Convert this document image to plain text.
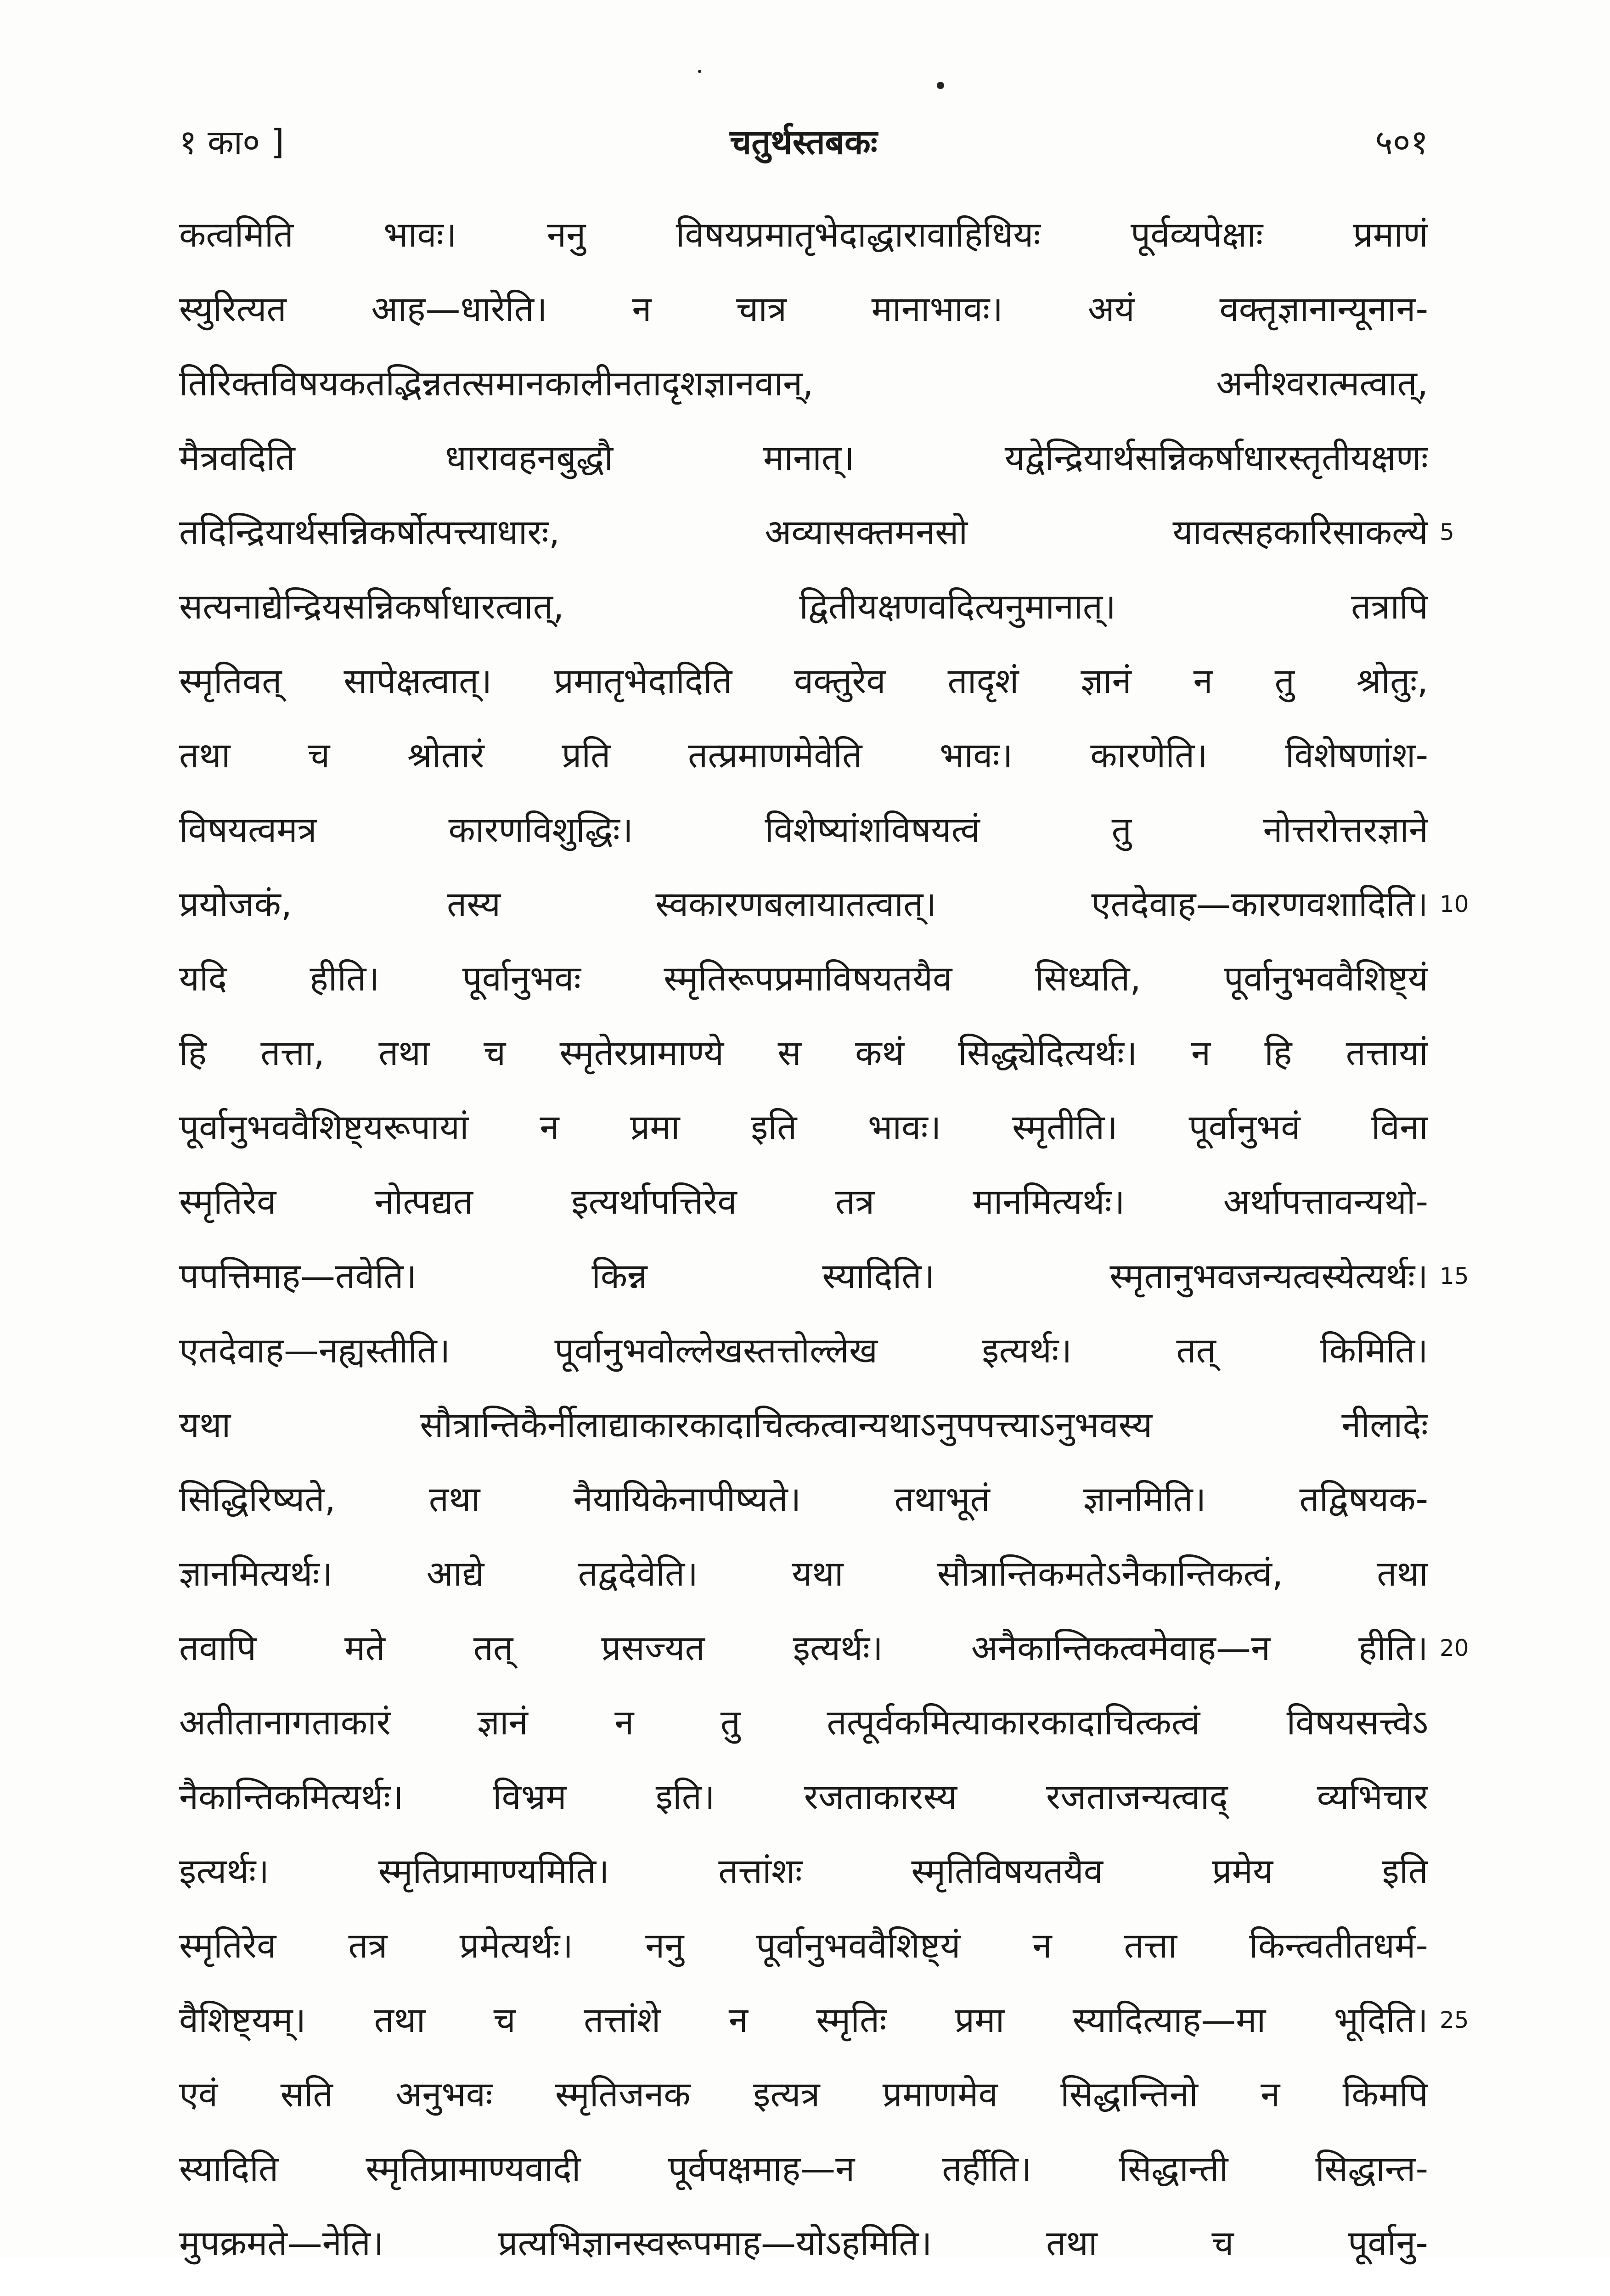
१ का० ]	चतुर्थस्तबकः	५०१
कत्वमिति भावः। ननु विषयप्रमातृभेदाद्धारावाहिधियः पूर्वव्यपेक्षाः प्रमाणं
स्युरित्यत आह—धारेति। न चात्र मानाभावः। अयं वक्तृज्ञानान्यूनान-
तिरिक्तविषयकतद्भिन्नतत्समानकालीनतादृशज्ञानवान्, अनीश्वरात्मत्वात्,
मैत्रवदिति धारावहनबुद्धौ मानात्। यद्वेन्द्रियार्थसन्निकर्षाधारस्तृतीयक्षणः
तदिन्द्रियार्थसन्निकर्षोत्पत्त्याधारः, अव्यासक्तमनसो यावत्सहकारिसाकल्ये
सत्यनाद्येन्द्रियसन्निकर्षाधारत्वात्, द्वितीयक्षणवदित्यनुमानात्। तत्रापि
स्मृतिवत् सापेक्षत्वात्। प्रमातृभेदादिति वक्तुरेव तादृशं ज्ञानं न तु श्रोतुः,
तथा च श्रोतारं प्रति तत्प्रमाणमेवेति भावः। कारणेति। विशेषणांश-
विषयत्वमत्र कारणविशुद्धिः। विशेष्यांशविषयत्वं तु नोत्तरोत्तरज्ञाने
प्रयोजकं, तस्य स्वकारणबलायातत्वात्। एतदेवाह—कारणवशादिति।
यदि हीति। पूर्वानुभवः स्मृतिरूपप्रमाविषयतयैव सिध्यति, पूर्वानुभववैशिष्ट्यं
हि तत्ता, तथा च स्मृतेरप्रामाण्ये स कथं सिद्ध्येदित्यर्थः। न हि तत्तायां
पूर्वानुभववैशिष्ट्यरूपायां न प्रमा इति भावः। स्मृतीति। पूर्वानुभवं विना
स्मृतिरेव नोत्पद्यत इत्यर्थापत्तिरेव तत्र मानमित्यर्थः। अर्थापत्तावन्यथो-
पपत्तिमाह—तवेति। किन्न स्यादिति। स्मृतानुभवजन्यत्वस्येत्यर्थः।
एतदेवाह—नह्यस्तीति। पूर्वानुभवोल्लेखस्तत्तोल्लेख इत्यर्थः। तत् किमिति।
यथा सौत्रान्तिकैर्नीलाद्याकारकादाचित्कत्वान्यथाऽनुपपत्त्याऽनुभवस्य नीलादेः
सिद्धिरिष्यते, तथा नैयायिकेनापीष्यते। तथाभूतं ज्ञानमिति। तद्विषयक-
ज्ञानमित्यर्थः। आद्ये तद्वदेवेति। यथा सौत्रान्तिकमतेऽनैकान्तिकत्वं, तथा
तवापि मते तत् प्रसज्यत इत्यर्थः। अनैकान्तिकत्वमेवाह—न हीति।
अतीतानागताकारं ज्ञानं न तु तत्पूर्वकमित्याकारकादाचित्कत्वं विषयसत्त्वेऽ
नैकान्तिकमित्यर्थः। विभ्रम इति। रजताकारस्य रजताजन्यत्वाद् व्यभिचार
इत्यर्थः। स्मृतिप्रामाण्यमिति। तत्तांशः स्मृतिविषयतयैव प्रमेय इति
स्मृतिरेव तत्र प्रमेत्यर्थः। ननु पूर्वानुभववैशिष्ट्यं न तत्ता किन्त्वतीतधर्म-
वैशिष्ट्यम्। तथा च तत्तांशे न स्मृतिः प्रमा स्यादित्याह—मा भूदिति।
एवं सति अनुभवः स्मृतिजनक इत्यत्र प्रमाणमेव सिद्धान्तिनो न किमपि
स्यादिति स्मृतिप्रामाण्यवादी पूर्वपक्षमाह—न तर्हीति। सिद्धान्ती सिद्धान्त-
मुपक्रमते—नेति। प्रत्यभिज्ञानस्वरूपमाह—योऽहमिति। तथा च पूर्वानु-
5
10
15
20
25
